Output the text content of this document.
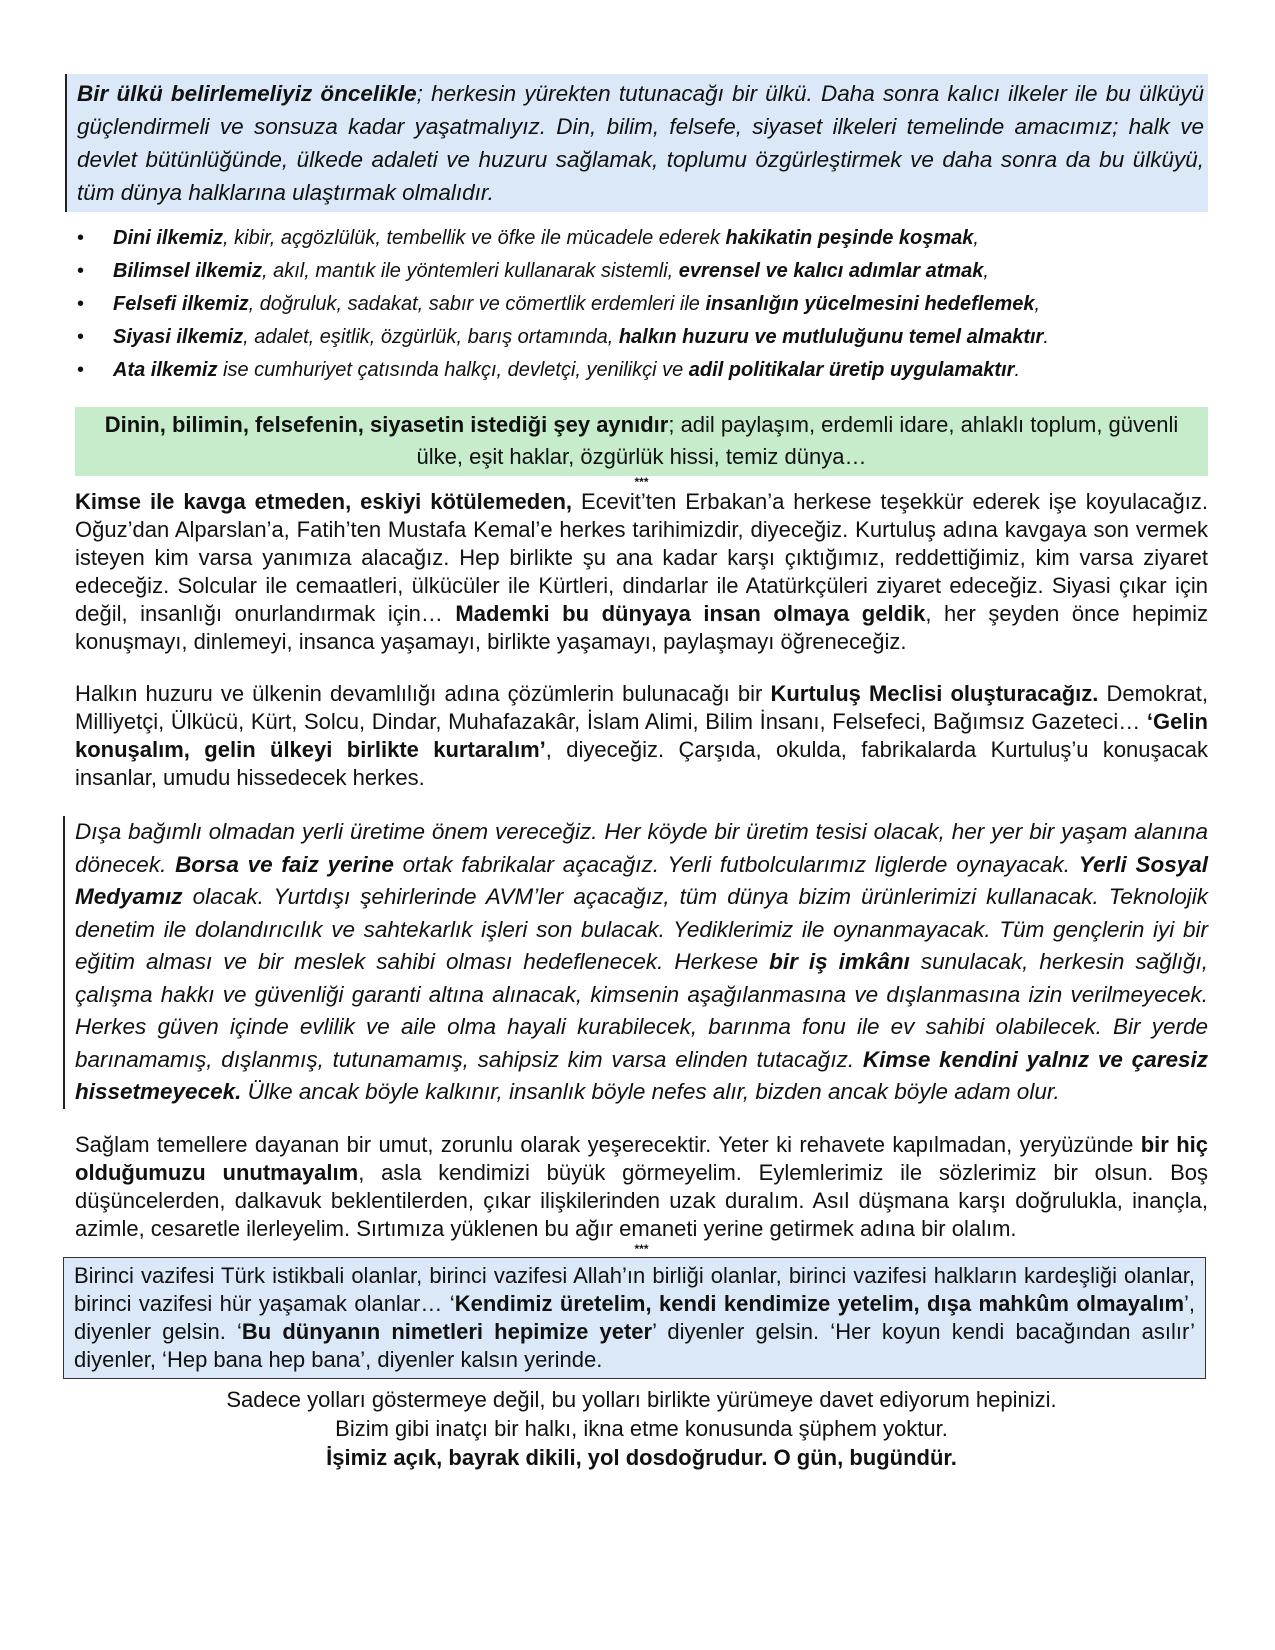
Bir ülkü belirlemeliyiz öncelikle; herkesin yürekten tutunacağı bir ülkü. Daha sonra kalıcı ilkeler ile bu ülküyü güçlendirmeli ve sonsuza kadar yaşatmalıyız. Din, bilim, felsefe, siyaset ilkeleri temelinde amacımız; halk ve devlet bütünlüğünde, ülkede adaleti ve huzuru sağlamak, toplumu özgürleştirmek ve daha sonra da bu ülküyü, tüm dünya halklarına ulaştırmak olmalıdır.

• Dini ilkemiz, kibir, açgözlülük, tembellik ve öfke ile mücadele ederek hakikatin peşinde koşmak,
• Bilimsel ilkemiz, akıl, mantık ile yöntemleri kullanarak sistemli, evrensel ve kalıcı adımlar atmak,
• Felsefi ilkemiz, doğruluk, sadakat, sabır ve cömertlik erdemleri ile insanlığın yücelmesini hedeflemek,
• Siyasi ilkemiz, adalet, eşitlik, özgürlük, barış ortamında, halkın huzuru ve mutluluğunu temel almaktır.
• Ata ilkemiz ise cumhuriyet çatısında halkçı, devletçi, yenilikçi ve adil politikalar üretip uygulamaktır.

Dinin, bilimin, felsefenin, siyasetin istediği şey aynıdır; adil paylaşım, erdemli idare, ahlaklı toplum, güvenli ülke, eşit haklar, özgürlük hissi, temiz dünya…

***

Kimse ile kavga etmeden, eskiyi kötülemeden, Ecevit’ten Erbakan’a herkese teşekkür ederek işe koyulacağız. Oğuz’dan Alparslan’a, Fatih’ten Mustafa Kemal’e herkes tarihimizdir, diyeceğiz. Kurtuluş adına kavgaya son vermek isteyen kim varsa yanımıza alacağız. Hep birlikte şu ana kadar karşı çıktığımız, reddettiğimiz, kim varsa ziyaret edeceğiz. Solcular ile cemaatleri, ülkücüler ile Kürtleri, dindarlar ile Atatürkçüleri ziyaret edeceğiz. Siyasi çıkar için değil, insanlığı onurlandırmak için… Mademki bu dünyaya insan olmaya geldik, her şeyden önce hepimiz konuşmayı, dinlemeyi, insanca yaşamayı, birlikte yaşamayı, paylaşmayı öğreneceğiz.

Halkın huzuru ve ülkenin devamlılığı adına çözümlerin bulunacağı bir Kurtuluş Meclisi oluşturacağız. Demokrat, Milliyetçi, Ülkücü, Kürt, Solcu, Dindar, Muhafazakâr, İslam Alimi, Bilim İnsanı, Felsefeci, Bağımsız Gazeteci… ‘Gelin konuşalım, gelin ülkeyi birlikte kurtaralım’, diyeceğiz. Çarşıda, okulda, fabrikalarda Kurtuluş’u konuşacak insanlar, umudu hissedecek herkes.

Dışa bağımlı olmadan yerli üretime önem vereceğiz. Her köyde bir üretim tesisi olacak, her yer bir yaşam alanına dönecek. Borsa ve faiz yerine ortak fabrikalar açacağız. Yerli futbolcularımız liglerde oynayacak. Yerli Sosyal Medyamız olacak. Yurtdışı şehirlerinde AVM’ler açacağız, tüm dünya bizim ürünlerimizi kullanacak. Teknolojik denetim ile dolandırıcılık ve sahtekarlık işleri son bulacak. Yediklerimiz ile oynanmayacak. Tüm gençlerin iyi bir eğitim alması ve bir meslek sahibi olması hedeflenecek. Herkese bir iş imkânı sunulacak, herkesin sağlığı, çalışma hakkı ve güvenliği garanti altına alınacak, kimsenin aşağılanmasına ve dışlanmasına izin verilmeyecek. Herkes güven içinde evlilik ve aile olma hayali kurabilecek, barınma fonu ile ev sahibi olabilecek. Bir yerde barınamamış, dışlanmış, tutunamamış, sahipsiz kim varsa elinden tutacağız. Kimse kendini yalnız ve çaresiz hissetmeyecek. Ülke ancak böyle kalkınır, insanlık böyle nefes alır, bizden ancak böyle adam olur.

Sağlam temellere dayanan bir umut, zorunlu olarak yeşerecektir. Yeter ki rehavete kapılmadan, yeryüzünde bir hiç olduğumuzu unutmayalım, asla kendimizi büyük görmeyelim. Eylemlerimiz ile sözlerimiz bir olsun. Boş düşüncelerden, dalkavuk beklentilerden, çıkar ilişkilerinden uzak duralım. Asıl düşmana karşı doğrulukla, inançla, azimle, cesaretle ilerleyelim. Sırtımıza yüklenen bu ağır emaneti yerine getirmek adına bir olalım.

***

Birinci vazifesi Türk istikbali olanlar, birinci vazifesi Allah’ın birliği olanlar, birinci vazifesi halkların kardeşliği olanlar, birinci vazifesi hür yaşamak olanlar… ‘Kendimiz üretelim, kendi kendimize yetelim, dışa mahkûm olmayalım’, diyenler gelsin. ‘Bu dünyanın nimetleri hepimize yeter’ diyenler gelsin. ‘Her koyun kendi bacağından asılır’ diyenler, ‘Hep bana hep bana’, diyenler kalsın yerinde.

Sadece yolları göstermeye değil, bu yolları birlikte yürümeye davet ediyorum hepinizi.
Bizim gibi inatçı bir halkı, ikna etme konusunda şüphem yoktur.
İşimiz açık, bayrak dikili, yol dosdoğrudur. O gün, bugündür.
